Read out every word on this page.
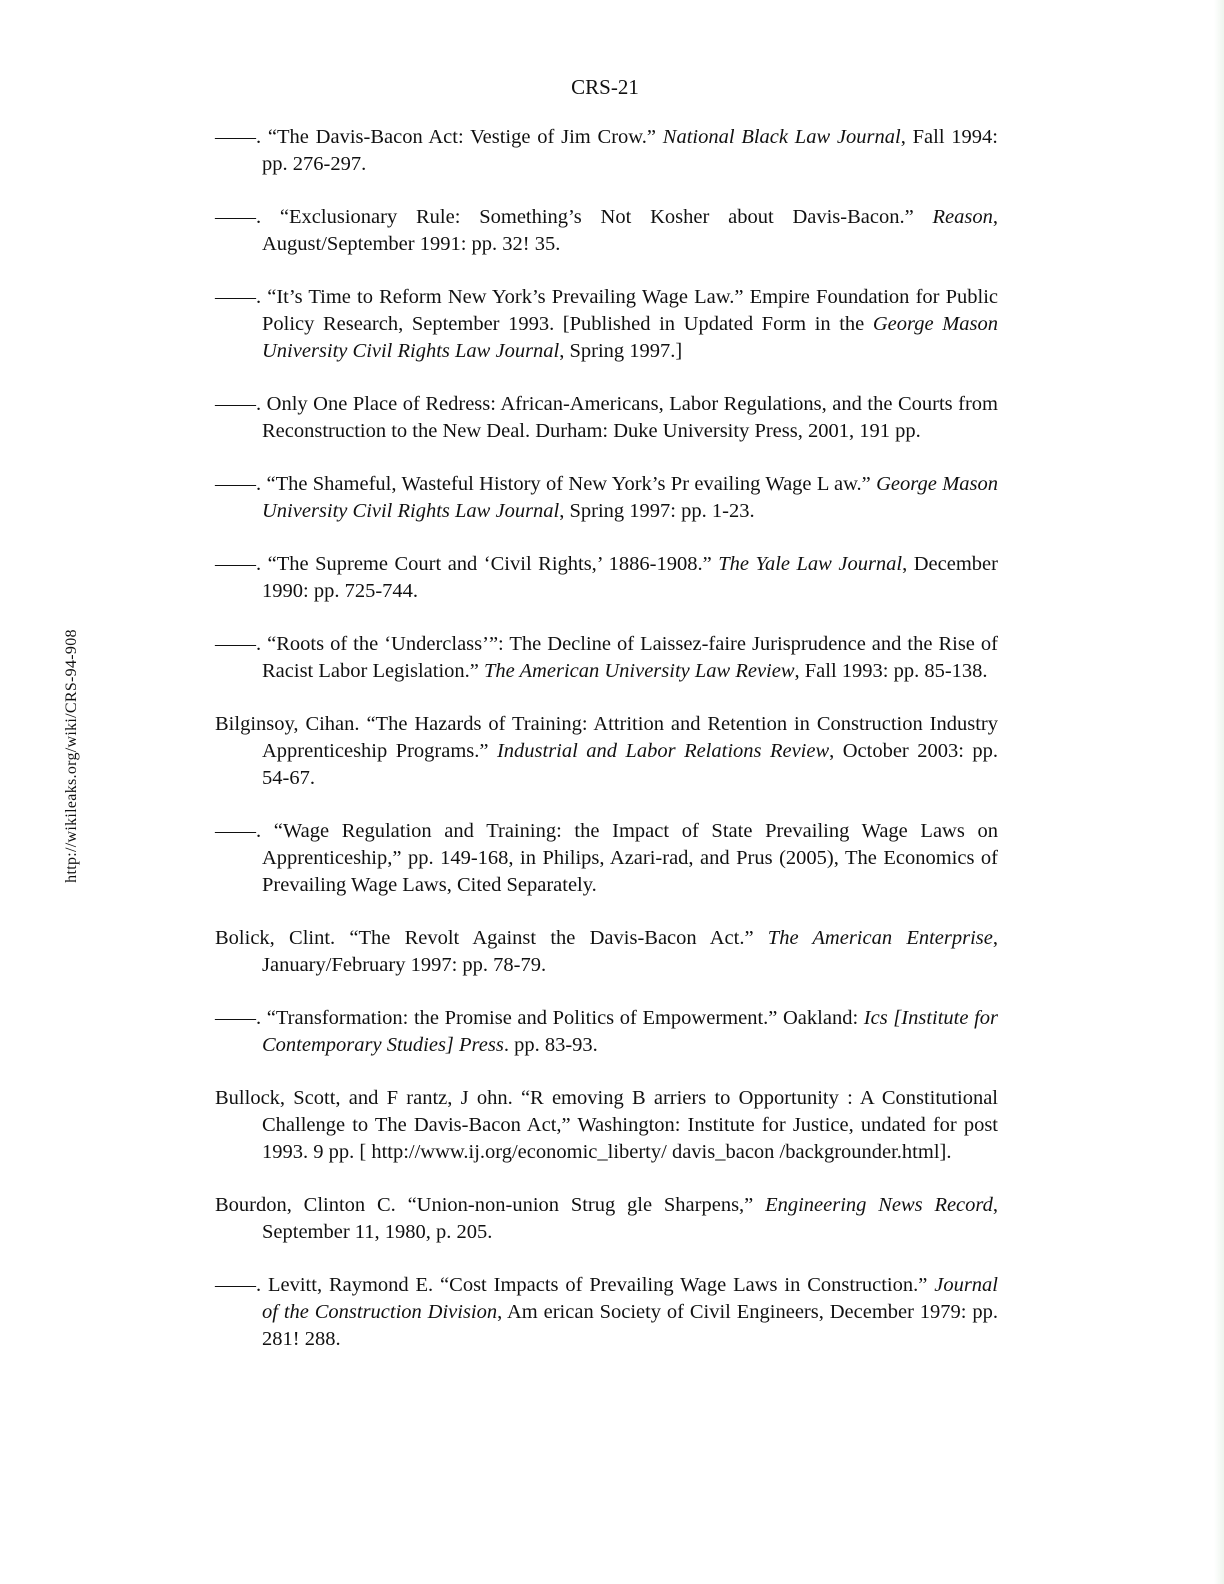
CRS-21
http://wikileaks.org/wiki/CRS-94-908
——. “The Davis-Bacon Act: Vestige of Jim Crow.” National Black Law Journal, Fall 1994: pp. 276-297.
——. “Exclusionary Rule: Something’s Not Kosher about Davis-Bacon.” Reason, August/September 1991: pp. 32! 35.
——. “It’s Time to Reform New York’s Prevailing Wage Law.” Empire Foundation for Public Policy Research, September 1993. [Published in Updated Form in the George Mason University Civil Rights Law Journal, Spring 1997.]
——. Only One Place of Redress: African-Americans, Labor Regulations, and the Courts from Reconstruction to the New Deal. Durham: Duke University Press, 2001, 191 pp.
——. “The Shameful, Wasteful History of New York’s Pr evailing Wage L aw.” George Mason University Civil Rights Law Journal, Spring 1997: pp. 1-23.
——. “The Supreme Court and ‘Civil Rights,’ 1886-1908.” The Yale Law Journal, December 1990: pp. 725-744.
——. “Roots of the ‘Underclass’”: The Decline of Laissez-faire Jurisprudence and the Rise of Racist Labor Legislation.” The American University Law Review, Fall 1993: pp. 85-138.
Bilginsoy, Cihan. “The Hazards of Training: Attrition and Retention in Construction Industry Apprenticeship Programs.” Industrial and Labor Relations Review, October 2003: pp. 54-67.
——. “Wage Regulation and Training: the Impact of State Prevailing Wage Laws on Apprenticeship,” pp. 149-168, in Philips, Azari-rad, and Prus (2005), The Economics of Prevailing Wage Laws, Cited Separately.
Bolick, Clint. “The Revolt Against the Davis-Bacon Act.” The American Enterprise, January/February 1997: pp. 78-79.
——. “Transformation: the Promise and Politics of Empowerment.” Oakland: Ics [Institute for Contemporary Studies] Press. pp. 83-93.
Bullock, Scott, and F rantz, J ohn. “R emoving B arriers to Opportunity : A Constitutional Challenge to The Davis-Bacon Act,” Washington: Institute for Justice, undated for post 1993. 9 pp. [ http://www.ij.org/economic_liberty/ davis_bacon /backgrounder.html].
Bourdon, Clinton C. “Union-non-union Strug gle Sharpens,” Engineering News Record, September 11, 1980, p. 205.
——. Levitt, Raymond E. “Cost Impacts of Prevailing Wage Laws in Construction.” Journal of the Construction Division, Am erican Society of Civil Engineers, December 1979: pp. 281! 288.
